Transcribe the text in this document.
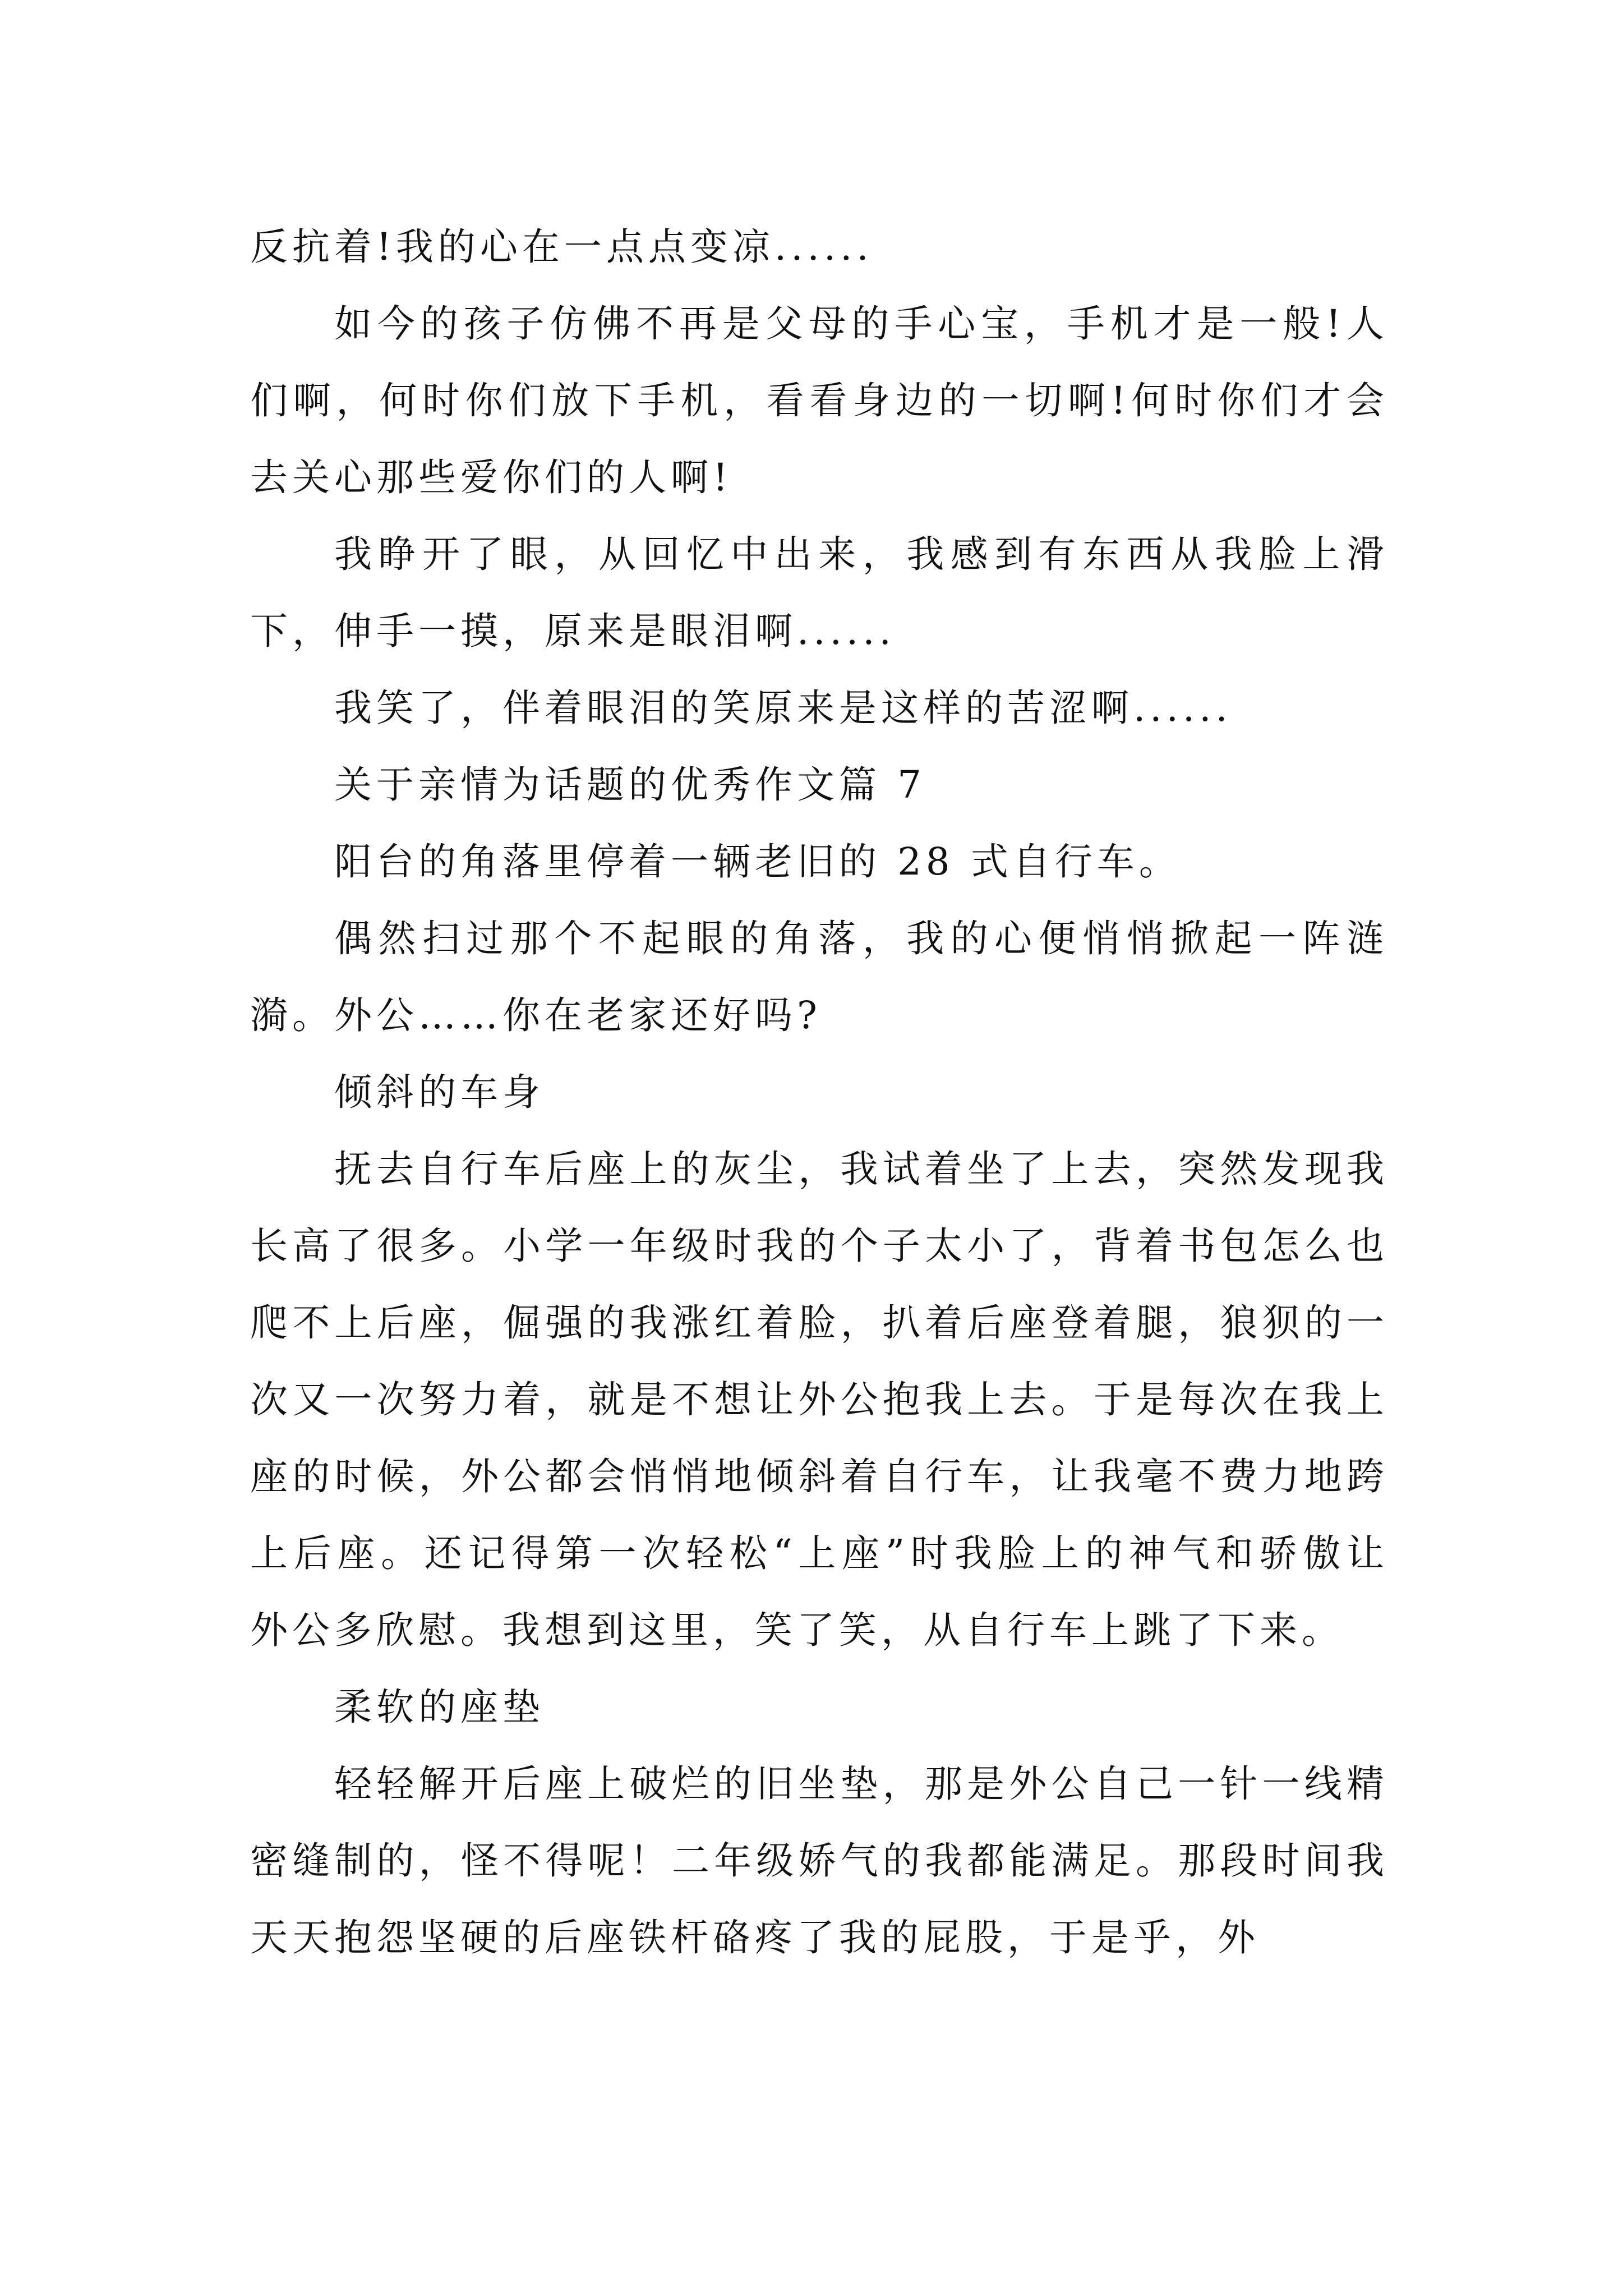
反抗着!我的心在一点点变凉......

如今的孩子仿佛不再是父母的手心宝，手机才是一般!人们啊，何时你们放下手机，看看身边的一切啊!何时你们才会去关心那些爱你们的人啊!

我睁开了眼，从回忆中出来，我感到有东西从我脸上滑下，伸手一摸，原来是眼泪啊......

我笑了，伴着眼泪的笑原来是这样的苦涩啊......

关于亲情为话题的优秀作文篇 7

阳台的角落里停着一辆老旧的 28 式自行车。

偶然扫过那个不起眼的角落，我的心便悄悄掀起一阵涟漪。外公……你在老家还好吗?

倾斜的车身

抚去自行车后座上的灰尘，我试着坐了上去，突然发现我长高了很多。小学一年级时我的个子太小了，背着书包怎么也爬不上后座，倔强的我涨红着脸，扒着后座登着腿，狼狈的一次又一次努力着，就是不想让外公抱我上去。于是每次在我上座的时候，外公都会悄悄地倾斜着自行车，让我毫不费力地跨上后座。还记得第一次轻松“上座”时我脸上的神气和骄傲让外公多欣慰。我想到这里，笑了笑，从自行车上跳了下来。

柔软的座垫

轻轻解开后座上破烂的旧坐垫，那是外公自己一针一线精密缝制的，怪不得呢！二年级娇气的我都能满足。那段时间我天天抱怨坚硬的后座铁杆硌疼了我的屁股，于是乎，外
